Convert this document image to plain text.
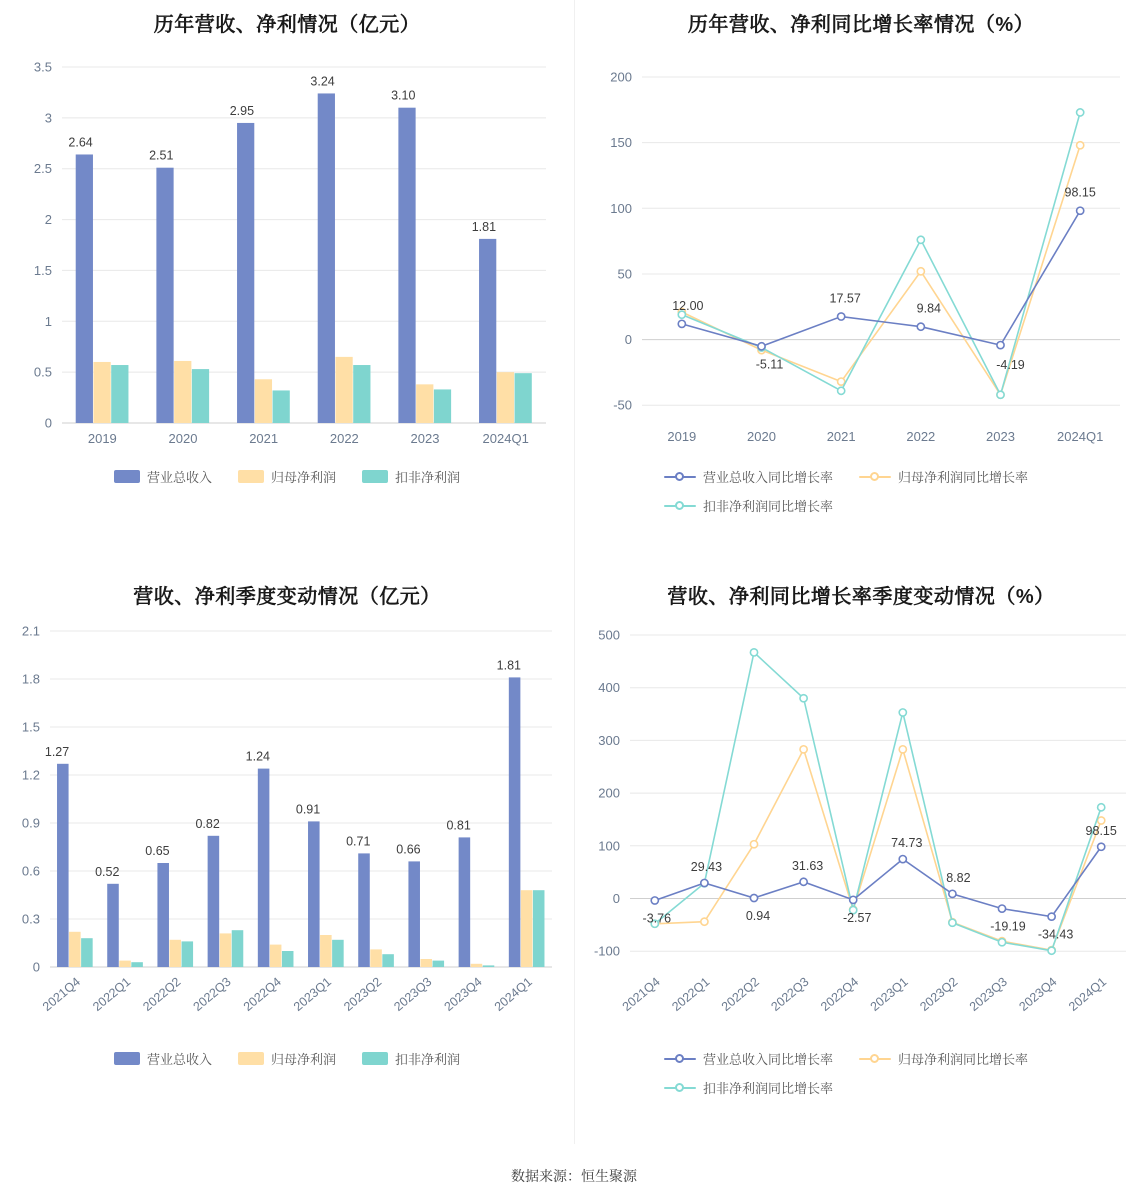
历年营收、净利情况（亿元）
0
0.5
1
1.5
2
2.5
3
3.5
2.64
2019
2.51
2020
2.95
2021
3.24
2022
3.10
2023
1.81
2024Q1
营业总收入	归母净利润	扣非净利润
历年营收、净利同比增长率情况（%）
-50
0
50
100
150
200
12.00
-5.11
17.57
9.84
-4.19
98.15
2019	2020	2021	2022	2023	2024Q1
营业总收入同比增长率	归母净利润同比增长率
扣非净利润同比增长率
营收、净利季度变动情况（亿元）
0
0.3
0.6
0.9
1.2
1.5
1.8
2.1
1.27
2021Q4
0.52
2022Q1
0.65
2022Q2
0.82
2022Q3
1.24
2022Q4
0.91
2023Q1
0.71
2023Q2
0.66
2023Q3
0.81
2023Q4
1.81
2024Q1
营业总收入	归母净利润	扣非净利润
营收、净利同比增长率季度变动情况（%）
-100
0
100
200
300
400
500
-3.76
29.43
0.94
31.63
-2.57
74.73
8.82
-19.19
-34.43
98.15
2021Q4 2022Q1 2022Q2 2022Q3 2022Q4 2023Q1 2023Q2 2023Q3 2023Q4 2024Q1
营业总收入同比增长率	归母净利润同比增长率
扣非净利润同比增长率
数据来源：恒生聚源
